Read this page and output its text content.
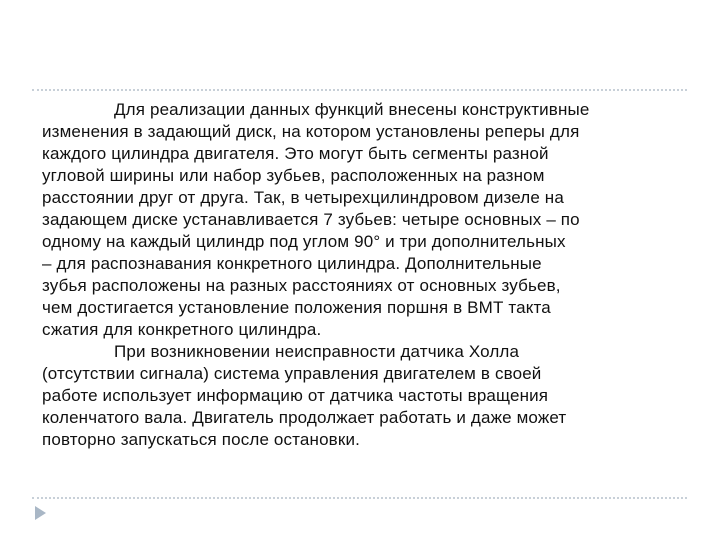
Для реализации данных функций внесены конструктивные
изменения в задающий диск, на котором установлены реперы для
каждого цилиндра двигателя. Это могут быть сегменты разной
угловой ширины или набор зубьев, расположенных на разном
расстоянии друг от друга. Так, в четырехцилиндровом дизеле на
задающем диске устанавливается 7 зубьев: четыре основных – по
одному на каждый цилиндр под углом 90° и три дополнительных
– для распознавания конкретного цилиндра. Дополнительные
зубья расположены на разных расстояниях от основных зубьев,
чем достигается установление положения поршня в ВМТ такта
сжатия для конкретного цилиндра.

При возникновении неисправности датчика Холла
(отсутствии сигнала) система управления двигателем в своей
работе использует информацию от датчика частоты вращения
коленчатого вала. Двигатель продолжает работать и даже может
повторно запускаться после остановки.
